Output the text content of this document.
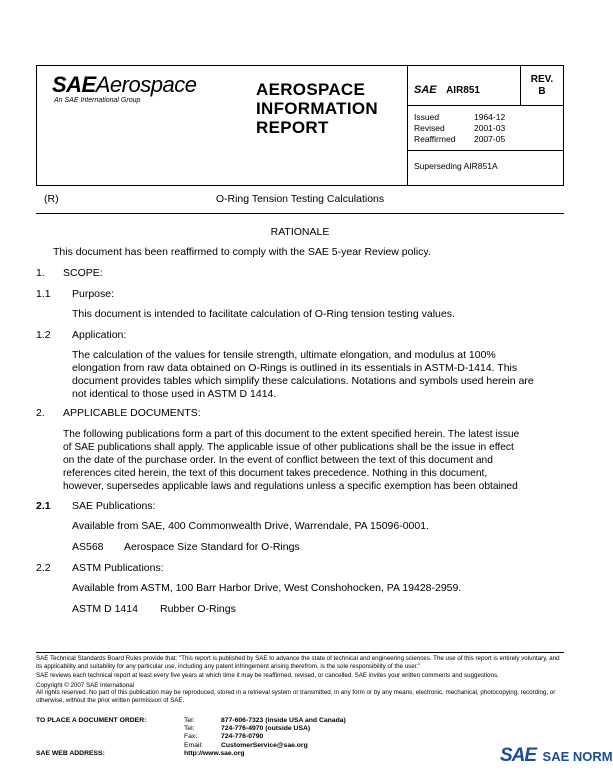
SAEAerospace
An SAE International Group
AEROSPACE
INFORMATION
REPORT
SAE AIR851
REV.
B
Issued	1964-12
Revised	2001-03
Reaffirmed	2007-05
Superseding AIR851A
(R)	O-Ring Tension Testing Calculations
RATIONALE
This document has been reaffirmed to comply with the SAE 5-year Review policy.
1. SCOPE:
1.1 Purpose:
This document is intended to facilitate calculation of O-Ring tension testing values.
1.2 Application:
The calculation of the values for tensile strength, ultimate elongation, and modulus at 100%
elongation from raw data obtained on O-Rings is outlined in its essentials in ASTM-D-1414. This
document provides tables which simplify these calculations. Notations and symbols used herein are
not identical to those used in ASTM D 1414.
2. APPLICABLE DOCUMENTS:
The following publications form a part of this document to the extent specified herein. The latest issue
of SAE publications shall apply. The applicable issue of other publications shall be the issue in effect
on the date of the purchase order. In the event of conflict between the text of this document and
references cited herein, the text of this document takes precedence. Nothing in this document,
however, supersedes applicable laws and regulations unless a specific exemption has been obtained
2.1 SAE Publications:
Available from SAE, 400 Commonwealth Drive, Warrendale, PA 15096-0001.
AS568 Aerospace Size Standard for O-Rings
2.2 ASTM Publications:
Available from ASTM, 100 Barr Harbor Drive, West Conshohocken, PA 19428-2959.
ASTM D 1414 Rubber O-Rings
SAE Technical Standards Board Rules provide that: "This report is published by SAE to advance the state of technical and engineering sciences. The use of this report is entirely voluntary, and its applicability and suitability for any particular use, including any patent infringement arising therefrom, is the sole responsibility of the user."
SAE reviews each technical report at least every five years at which time it may be reaffirmed, revised, or cancelled. SAE invites your written comments and suggestions.
Copyright © 2007 SAE International
All rights reserved. No part of this publication may be reproduced, stored in a retrieval system or transmitted, in any form or by any means, electronic, mechanical, photocopying, recording, or otherwise, without the prior written permission of SAE.
TO PLACE A DOCUMENT ORDER:	Tel:	877-606-7323 (inside USA and Canada)
Tel:	724-776-4970 (outside USA)
Fax:	724-776-0790
Email:	CustomerService@sae.org
SAE WEB ADDRESS:	http://www.sae.org	SAE SAE NORM
